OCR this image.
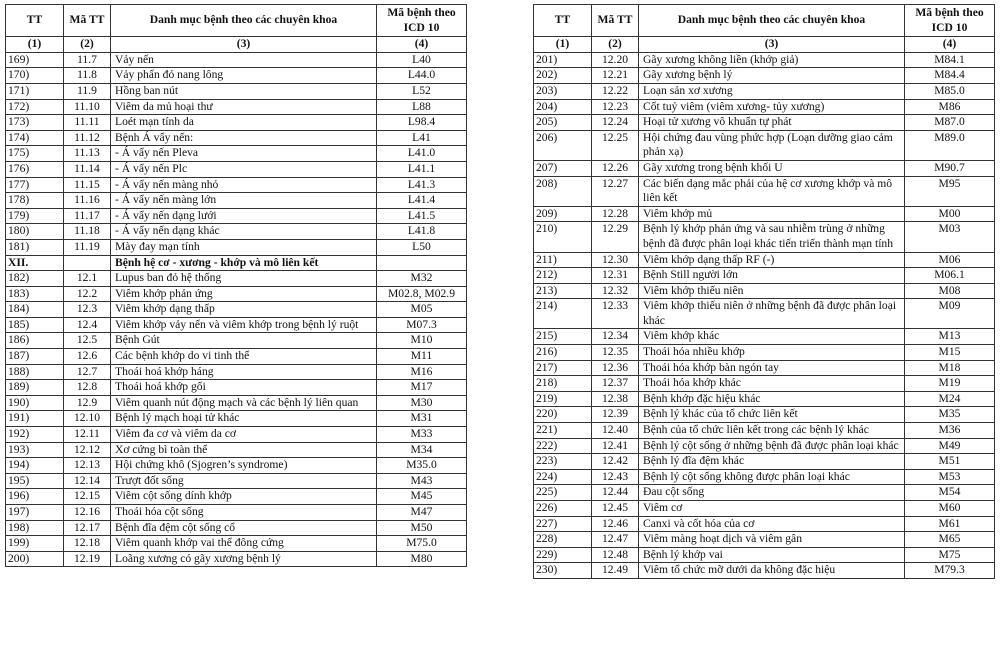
TT	Mã TT	Danh mục bệnh theo các chuyên khoa	Mã bệnh theo ICD 10
(1)	(2)	(3)	(4)
169)	11.7	Vảy nến	L40
170)	11.8	Vảy phấn đỏ nang lông	L44.0
171)	11.9	Hồng ban nút	L52
172)	11.10	Viêm da mủ hoại thư	L88
173)	11.11	Loét mạn tính da	L98.4
174)	11.12	Bệnh Á vẩy nến:	L41
175)	11.13	- Á vẩy nến Pleva	L41.0
176)	11.14	- Á vẩy nến Plc	L41.1
177)	11.15	- Á vẩy nến màng nhỏ	L41.3
178)	11.16	- Á vẩy nến màng lớn	L41.4
179)	11.17	- Á vẩy nến dạng lưới	L41.5
180)	11.18	- Á vẩy nến dạng khác	L41.8
181)	11.19	Mày đay mạn tính	L50
XII.		Bệnh hệ cơ - xương - khớp và mô liên kết	
182)	12.1	Lupus ban đỏ hệ thống	M32
183)	12.2	Viêm khớp phản ứng	M02.8, M02.9
184)	12.3	Viêm khớp dạng thấp	M05
185)	12.4	Viêm khớp vảy nến và viêm khớp trong bệnh lý ruột	M07.3
186)	12.5	Bệnh Gút	M10
187)	12.6	Các bệnh khớp do vi tinh thể	M11
188)	12.7	Thoái hoá khớp háng	M16
189)	12.8	Thoái hoá khớp gối	M17
190)	12.9	Viêm quanh nút động mạch và các bệnh lý liên quan	M30
191)	12.10	Bệnh lý mạch hoại tử khác	M31
192)	12.11	Viêm đa cơ và viêm da cơ	M33
193)	12.12	Xơ cứng bì toàn thể	M34
194)	12.13	Hội chứng khô (Sjogren’s syndrome)	M35.0
195)	12.14	Trượt đốt sống	M43
196)	12.15	Viêm cột sống dính khớp	M45
197)	12.16	Thoái hóa cột sống	M47
198)	12.17	Bệnh đĩa đệm cột sống cổ	M50
199)	12.18	Viêm quanh khớp vai thể đông cứng	M75.0
200)	12.19	Loãng xương có gãy xương bệnh lý	M80
TT	Mã TT	Danh mục bệnh theo các chuyên khoa	Mã bệnh theo ICD 10
(1)	(2)	(3)	(4)
201)	12.20	Gãy xương không liền (khớp giả)	M84.1
202)	12.21	Gãy xương bệnh lý	M84.4
203)	12.22	Loạn sản xơ xương	M85.0
204)	12.23	Cốt tuỷ viêm (viêm xương- tủy xương)	M86
205)	12.24	Hoại tử xương vô khuẩn tự phát	M87.0
206)	12.25	Hội chứng đau vùng phức hợp (Loạn dưỡng giao cảm phản xạ)	M89.0
207)	12.26	Gãy xương trong bệnh khối U	M90.7
208)	12.27	Các biến dạng mắc phải của hệ cơ xương khớp và mô liên kết	M95
209)	12.28	Viêm khớp mủ	M00
210)	12.29	Bệnh lý khớp phản ứng và sau nhiễm trùng ở những bệnh đã được phân loại khác tiến triển thành mạn tính	M03
211)	12.30	Viêm khớp dạng thấp RF (-)	M06
212)	12.31	Bệnh Still người lớn	M06.1
213)	12.32	Viêm khớp thiếu niên	M08
214)	12.33	Viêm khớp thiếu niên ở những bệnh đã được phân loại khác	M09
215)	12.34	Viêm khớp khác	M13
216)	12.35	Thoái hóa nhiều khớp	M15
217)	12.36	Thoái hóa khớp bàn ngón tay	M18
218)	12.37	Thoái hóa khớp khác	M19
219)	12.38	Bệnh khớp đặc hiệu khác	M24
220)	12.39	Bệnh lý khác của tổ chức liên kết	M35
221)	12.40	Bệnh của tổ chức liên kết trong các bệnh lý khác	M36
222)	12.41	Bệnh lý cột sống ở những bệnh đã được phân loại khác	M49
223)	12.42	Bệnh lý đĩa đệm khác	M51
224)	12.43	Bệnh lý cột sống không được phân loại khác	M53
225)	12.44	Đau cột sống	M54
226)	12.45	Viêm cơ	M60
227)	12.46	Canxi và cốt hóa của cơ	M61
228)	12.47	Viêm màng hoạt dịch và viêm gân	M65
229)	12.48	Bệnh lý khớp vai	M75
230)	12.49	Viêm tổ chức mỡ dưới da không đặc hiệu	M79.3
